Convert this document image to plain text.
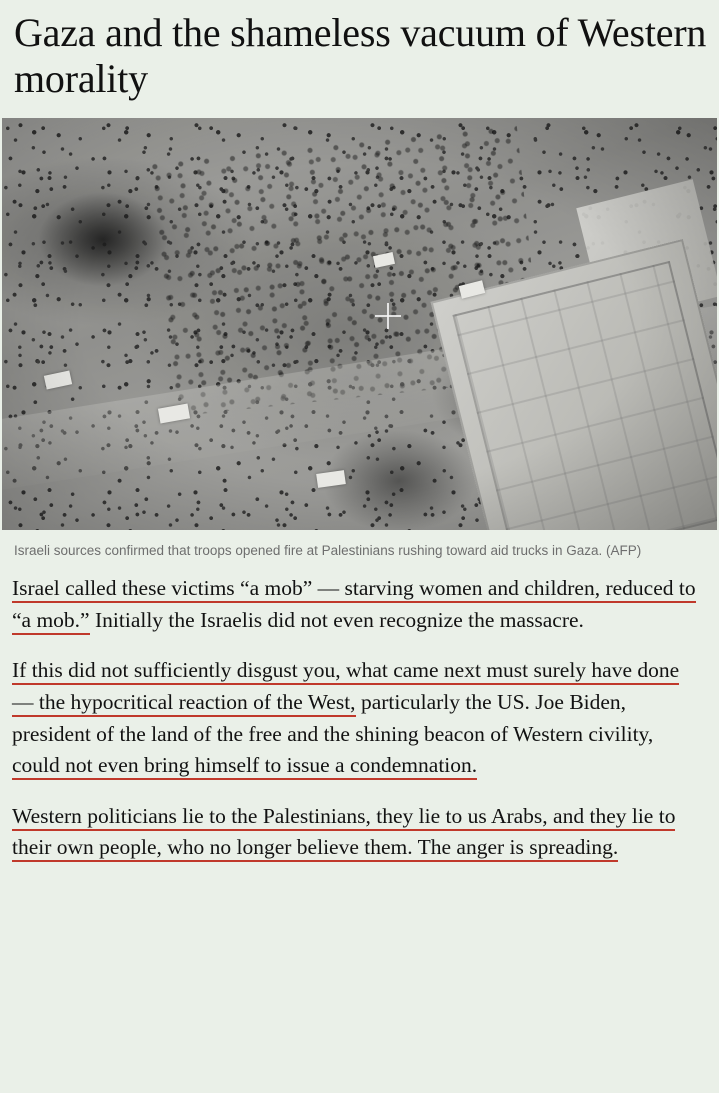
Gaza and the shameless vacuum of Western morality
Israeli sources confirmed that troops opened fire at Palestinians rushing toward aid trucks in Gaza. (AFP)

Israel called these victims “a mob” — starving women and children, reduced to “a mob.” Initially the Israelis did not even recognize the massacre.

If this did not sufficiently disgust you, what came next must surely have done — the hypocritical reaction of the West, particularly the US. Joe Biden, president of the land of the free and the shining beacon of Western civility, could not even bring himself to issue a condemnation.

Western politicians lie to the Palestinians, they lie to us Arabs, and they lie to their own people, who no longer believe them. The anger is spreading.
